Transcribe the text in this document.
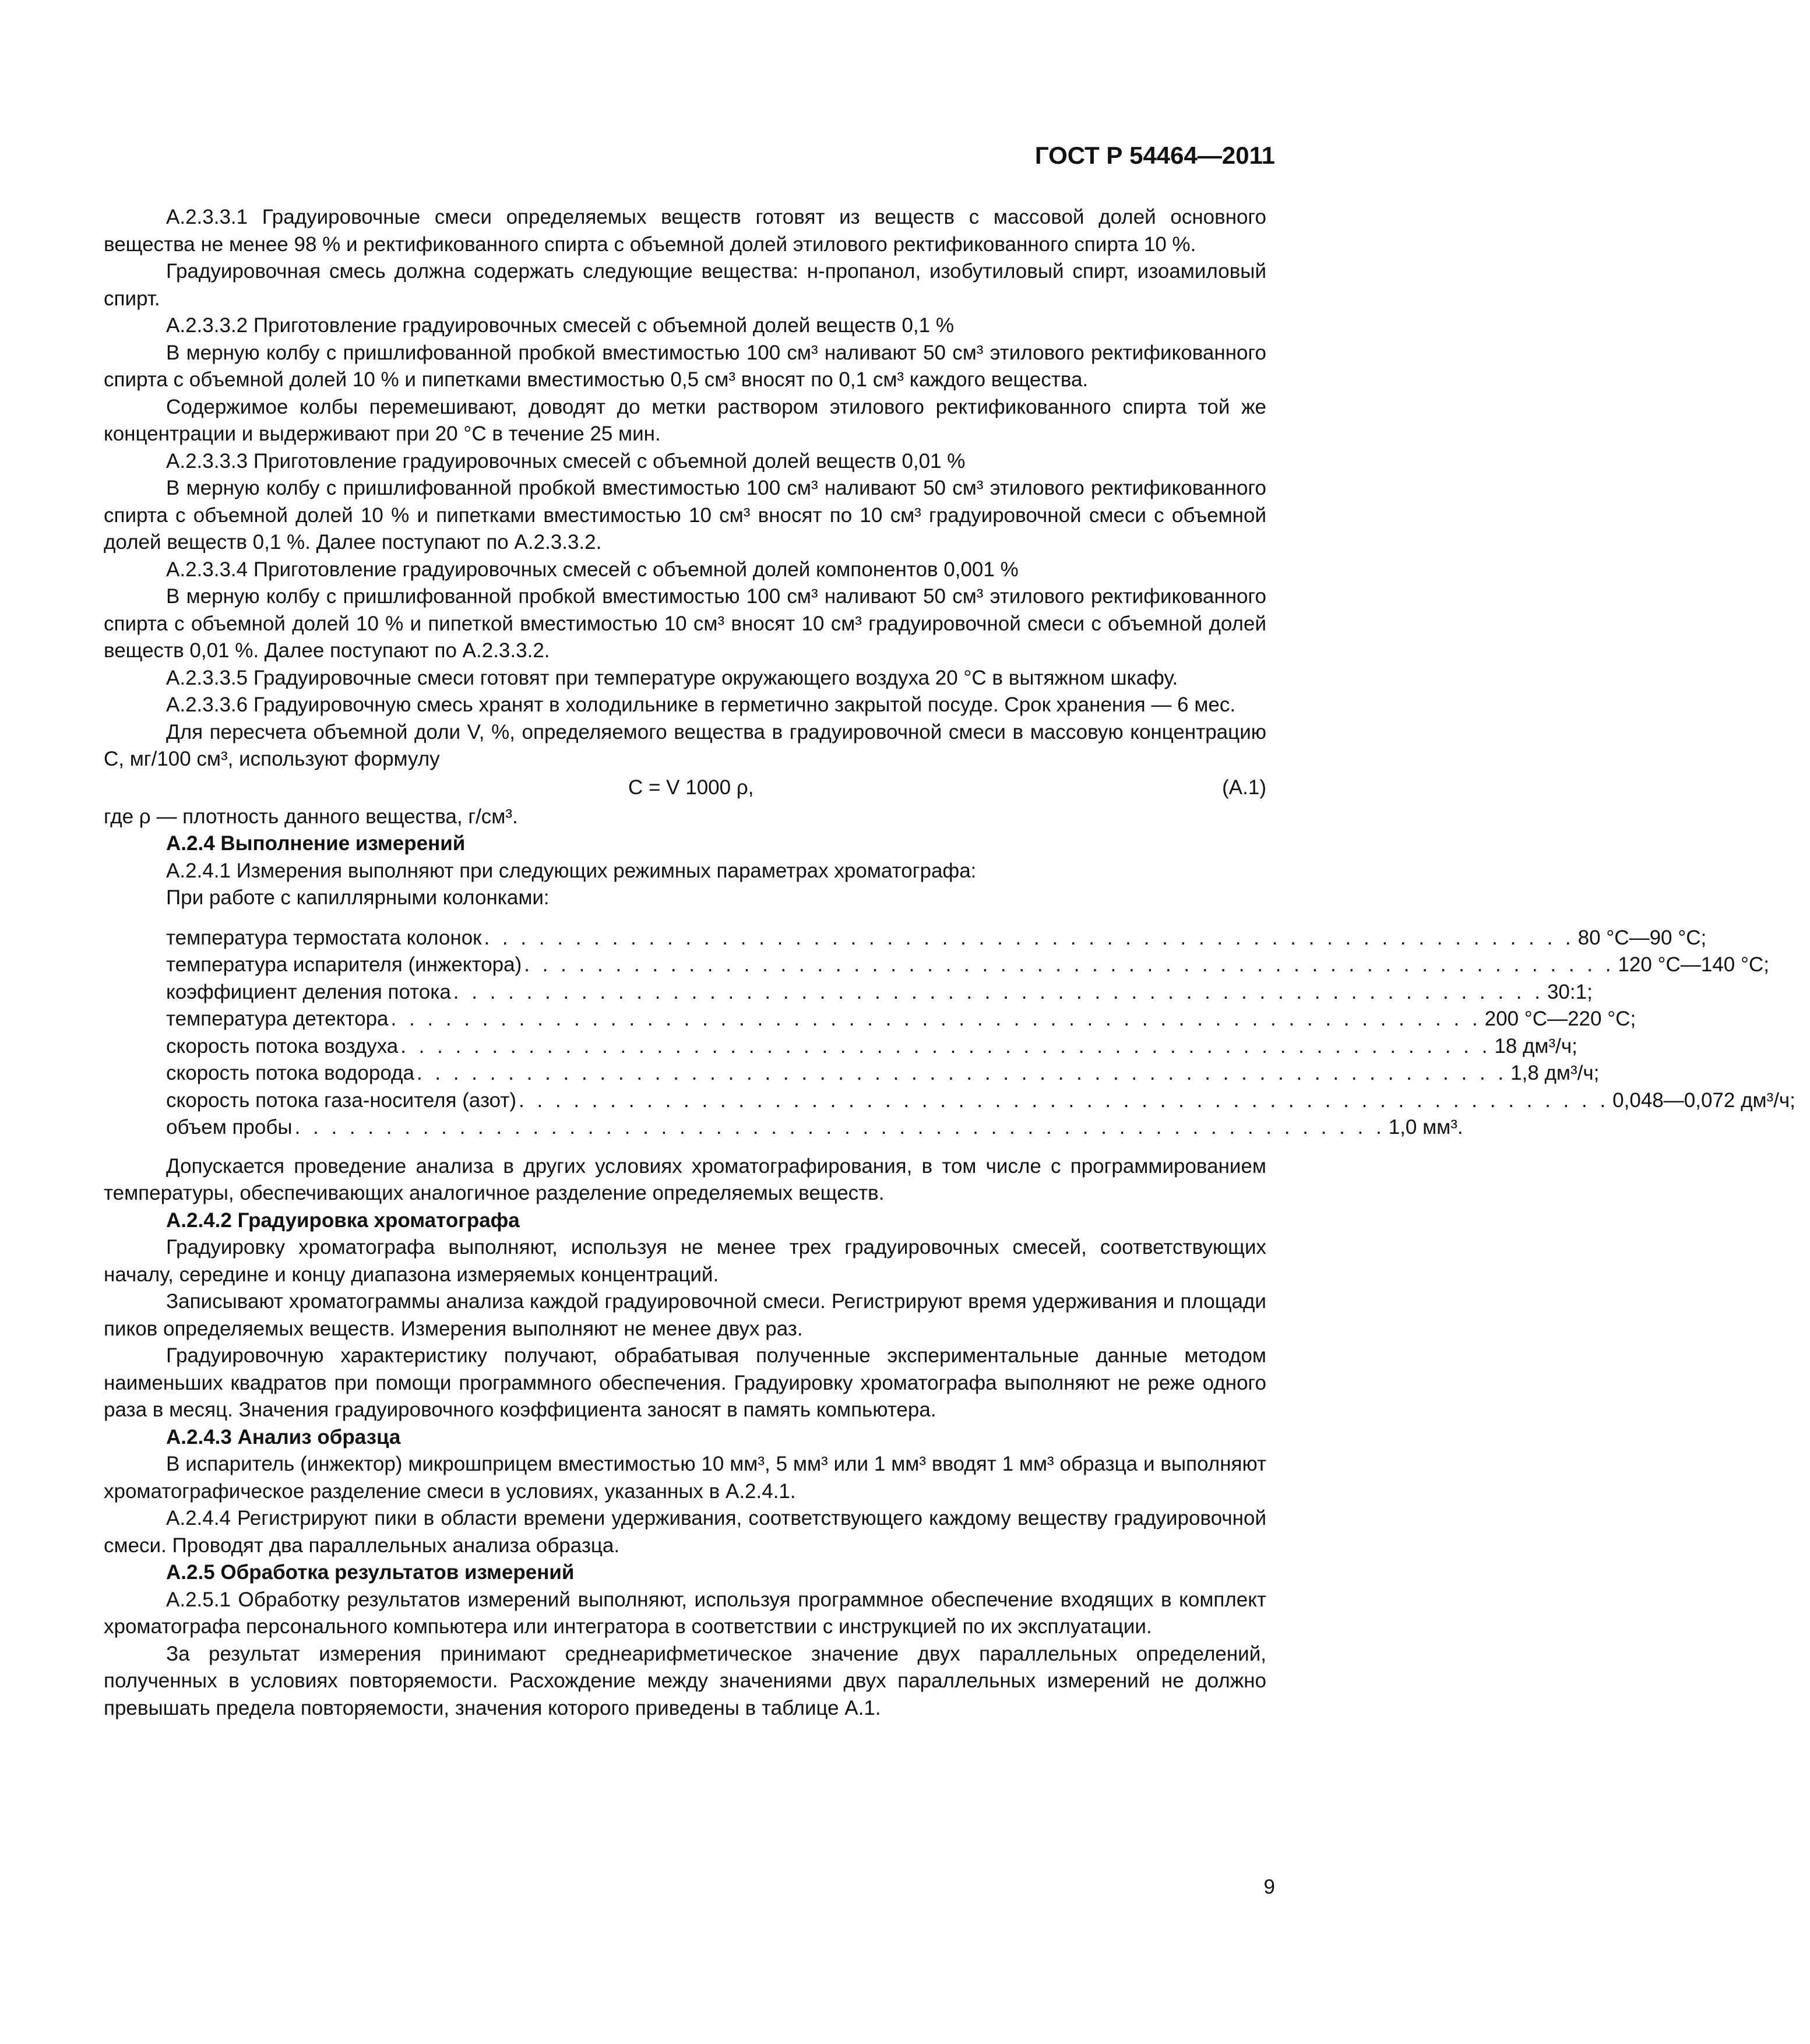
ГОСТ Р 54464—2011

А.2.3.3.1 Градуировочные смеси определяемых веществ готовят из веществ с массовой долей основного вещества не менее 98 % и ректификованного спирта с объемной долей этилового ректификованного спирта 10 %.

Градуировочная смесь должна содержать следующие вещества: н-пропанол, изобутиловый спирт, изоамиловый спирт.

А.2.3.3.2 Приготовление градуировочных смесей с объемной долей веществ 0,1 %

В мерную колбу с пришлифованной пробкой вместимостью 100 см³ наливают 50 см³ этилового ректификованного спирта с объемной долей 10 % и пипетками вместимостью 0,5 см³ вносят по 0,1 см³ каждого вещества.

Содержимое колбы перемешивают, доводят до метки раствором этилового ректификованного спирта той же концентрации и выдерживают при 20 °С в течение 25 мин.

А.2.3.3.3 Приготовление градуировочных смесей с объемной долей веществ 0,01 %

В мерную колбу с пришлифованной пробкой вместимостью 100 см³ наливают 50 см³ этилового ректификованного спирта с объемной долей 10 % и пипетками вместимостью 10 см³ вносят по 10 см³ градуировочной смеси с объемной долей веществ 0,1 %. Далее поступают по А.2.3.3.2.

А.2.3.3.4 Приготовление градуировочных смесей с объемной долей компонентов 0,001 %

В мерную колбу с пришлифованной пробкой вместимостью 100 см³ наливают 50 см³ этилового ректификованного спирта с объемной долей 10 % и пипеткой вместимостью 10 см³ вносят 10 см³ градуировочной смеси с объемной долей веществ 0,01 %. Далее поступают по А.2.3.3.2.

А.2.3.3.5 Градуировочные смеси готовят при температуре окружающего воздуха 20 °С в вытяжном шкафу.

А.2.3.3.6 Градуировочную смесь хранят в холодильнике в герметично закрытой посуде. Срок хранения — 6 мес.

Для пересчета объемной доли V, %, определяемого вещества в градуировочной смеси в массовую концентрацию С, мг/100 см³, используют формулу

С = V 1000 ρ,	(А.1)

где ρ — плотность данного вещества, г/см³.

А.2.4 Выполнение измерений

А.2.4.1 Измерения выполняют при следующих режимных параметрах хроматографа:

При работе с капиллярными колонками:

температура термостата колонок . . . . . . . . . . . . . . . . . . . . . . . . . . . . . . . . . . . . . . . . . . . . . . . . . . . . . . . . . . . . 80 °С—90 °С;
температура испарителя (инжектора) . . . . . . . . . . . . . . . . . . . . . . . . . . . . . . . . . . . . . . . . . . . . . . . . . . . . . . . . . . . . 120 °С—140 °С;
коэффициент деления потока . . . . . . . . . . . . . . . . . . . . . . . . . . . . . . . . . . . . . . . . . . . . . . . . . . . . . . . . . . . . 30:1;
температура детектора . . . . . . . . . . . . . . . . . . . . . . . . . . . . . . . . . . . . . . . . . . . . . . . . . . . . . . . . . . . . 200 °С—220 °С;
скорость потока воздуха . . . . . . . . . . . . . . . . . . . . . . . . . . . . . . . . . . . . . . . . . . . . . . . . . . . . . . . . . . . . 18 дм³/ч;
скорость потока водорода . . . . . . . . . . . . . . . . . . . . . . . . . . . . . . . . . . . . . . . . . . . . . . . . . . . . . . . . . . . . 1,8 дм³/ч;
скорость потока газа-носителя (азот) . . . . . . . . . . . . . . . . . . . . . . . . . . . . . . . . . . . . . . . . . . . . . . . . . . . . . . . . . . . . 0,048—0,072 дм³/ч;
объем пробы . . . . . . . . . . . . . . . . . . . . . . . . . . . . . . . . . . . . . . . . . . . . . . . . . . . . . . . . . . . . 1,0 мм³.

Допускается проведение анализа в других условиях хроматографирования, в том числе с программированием температуры, обеспечивающих аналогичное разделение определяемых веществ.

А.2.4.2 Градуировка хроматографа

Градуировку хроматографа выполняют, используя не менее трех градуировочных смесей, соответствующих началу, середине и концу диапазона измеряемых концентраций.

Записывают хроматограммы анализа каждой градуировочной смеси. Регистрируют время удерживания и площади пиков определяемых веществ. Измерения выполняют не менее двух раз.

Градуировочную характеристику получают, обрабатывая полученные экспериментальные данные методом наименьших квадратов при помощи программного обеспечения. Градуировку хроматографа выполняют не реже одного раза в месяц. Значения градуировочного коэффициента заносят в память компьютера.

А.2.4.3 Анализ образца

В испаритель (инжектор) микрошприцем вместимостью 10 мм³, 5 мм³ или 1 мм³ вводят 1 мм³ образца и выполняют хроматографическое разделение смеси в условиях, указанных в А.2.4.1.

А.2.4.4 Регистрируют пики в области времени удерживания, соответствующего каждому веществу градуировочной смеси. Проводят два параллельных анализа образца.

А.2.5 Обработка результатов измерений

А.2.5.1 Обработку результатов измерений выполняют, используя программное обеспечение входящих в комплект хроматографа персонального компьютера или интегратора в соответствии с инструкцией по их эксплуатации.

За результат измерения принимают среднеарифметическое значение двух параллельных определений, полученных в условиях повторяемости. Расхождение между значениями двух параллельных измерений не должно превышать предела повторяемости, значения которого приведены в таблице А.1.

9
